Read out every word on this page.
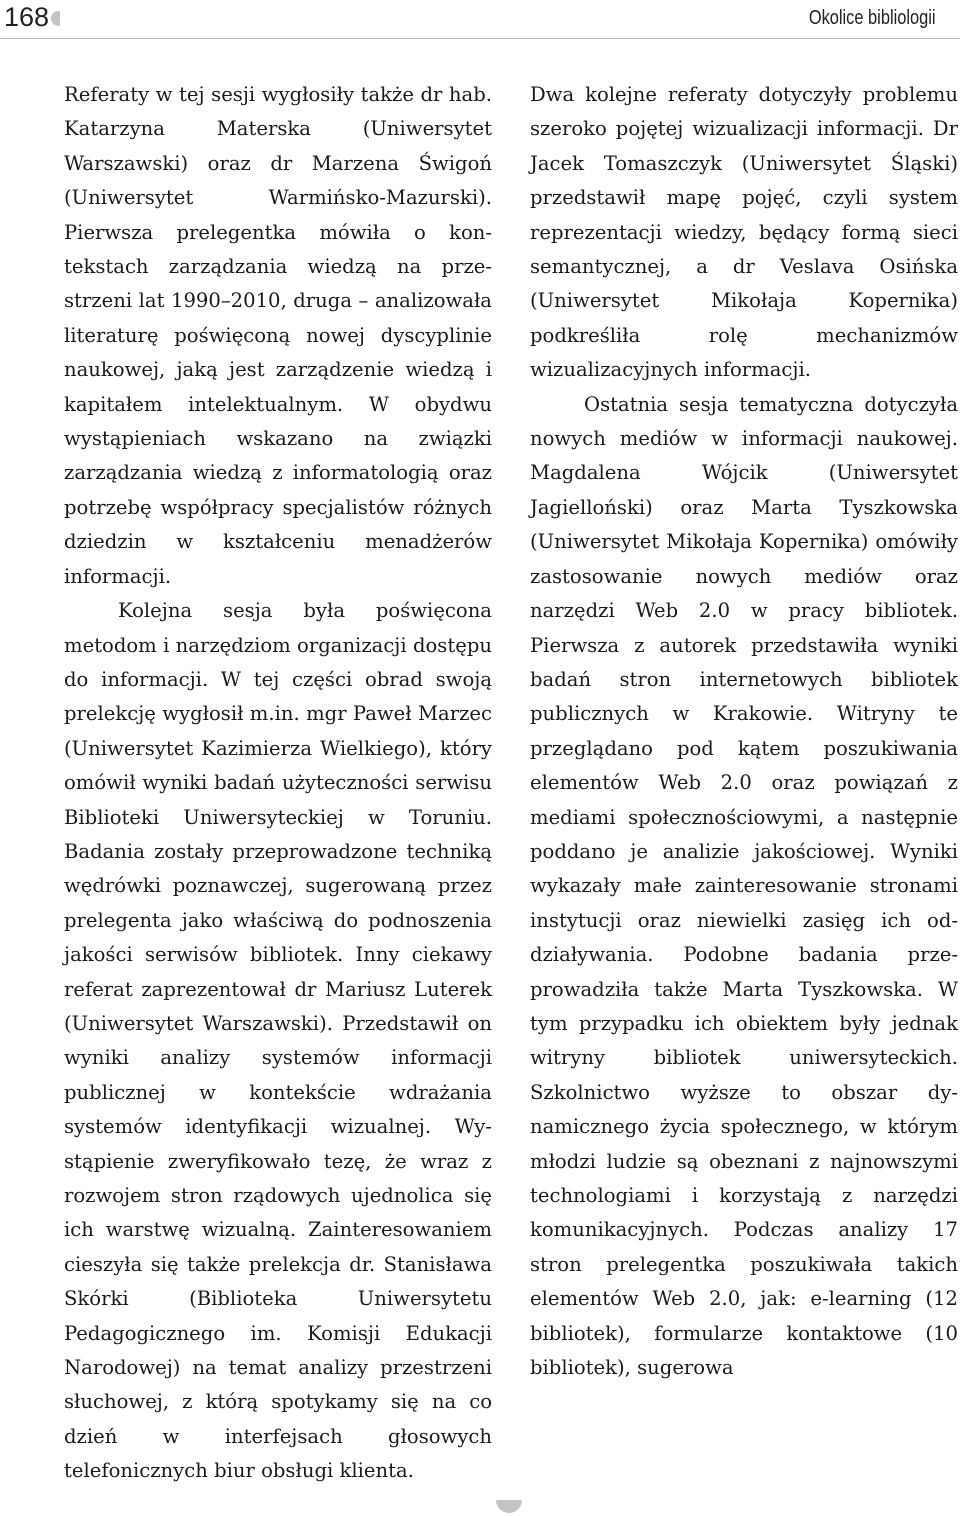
168	Okolice bibliologii

Referaty w tej sesji wygłosiły także dr hab. Katarzyna Materska (Uniwersytet Warszawski) oraz dr Marzena Świgoń (Uniwersytet Warmińsko-Mazurski). Pierwsza prelegentka mówiła o kontekstach zarządzania wiedzą na przestrzeni lat 1990–2010, druga – analizowała literaturę poświęconą nowej dyscyplinie naukowej, jaką jest zarządzenie wiedzą i kapitałem intelektualnym. W obydwu wystąpieniach wskazano na związki zarządzania wiedzą z informatologią oraz potrzebę współpracy specjalistów różnych dziedzin w kształceniu menadżerów informacji.

Kolejna sesja była poświęcona metodom i narzędziom organizacji dostępu do informacji. W tej części obrad swoją prelekcję wygłosił m.in. mgr Paweł Marzec (Uniwersytet Kazimierza Wielkiego), który omówił wyniki badań użyteczności serwisu Biblioteki Uniwersyteckiej w Toruniu. Badania zostały przeprowadzone techniką wędrówki poznawczej, sugerowaną przez prelegenta jako właściwą do podnoszenia jakości serwisów bibliotek. Inny ciekawy referat zaprezentował dr Mariusz Luterek (Uniwersytet Warszawski). Przedstawił on wyniki analizy systemów informacji publicznej w kontekście wdrażania systemów identyfikacji wizualnej. Wystąpienie zweryfikowało tezę, że wraz z rozwojem stron rządowych ujednolica się ich warstwę wizualną. Zainteresowaniem cieszyła się także prelekcja dr. Stanisława Skórki (Biblioteka Uniwersytetu Pedagogicznego im. Komisji Edukacji Narodowej) na temat analizy przestrzeni słuchowej, z którą spotykamy się na co dzień w interfejsach głosowych telefonicznych biur obsługi klienta.

Dwa kolejne referaty dotyczyły problemu szeroko pojętej wizualizacji informacji. Dr Jacek Tomaszczyk (Uniwersytet Śląski) przedstawił mapę pojęć, czyli system reprezentacji wiedzy, będący formą sieci semantycznej, a dr Veslava Osińska (Uniwersytet Mikołaja Kopernika) podkreśliła rolę mechanizmów wizualizacyjnych informacji.

Ostatnia sesja tematyczna dotyczyła nowych mediów w informacji naukowej. Magdalena Wójcik (Uniwersytet Jagielloński) oraz Marta Tyszkowska (Uniwersytet Mikołaja Kopernika) omówiły zastosowanie nowych mediów oraz narzędzi Web 2.0 w pracy bibliotek. Pierwsza z autorek przedstawiła wyniki badań stron internetowych bibliotek publicznych w Krakowie. Witryny te przeglądano pod kątem poszukiwania elementów Web 2.0 oraz powiązań z mediami społecznościowymi, a następnie poddano je analizie jakościowej. Wyniki wykazały małe zainteresowanie stronami instytucji oraz niewielki zasięg ich oddziaływania. Podobne badania przeprowadziła także Marta Tyszkowska. W tym przypadku ich obiektem były jednak witryny bibliotek uniwersyteckich. Szkolnictwo wyższe to obszar dynamicznego życia społecznego, w którym młodzi ludzie są obeznani z najnowszymi technologiami i korzystają z narzędzi komunikacyjnych. Podczas analizy 17 stron prelegentka poszukiwała takich elementów Web 2.0, jak: e-learning (12 bibliotek), formularze kontaktowe (10 bibliotek), sugerowa
